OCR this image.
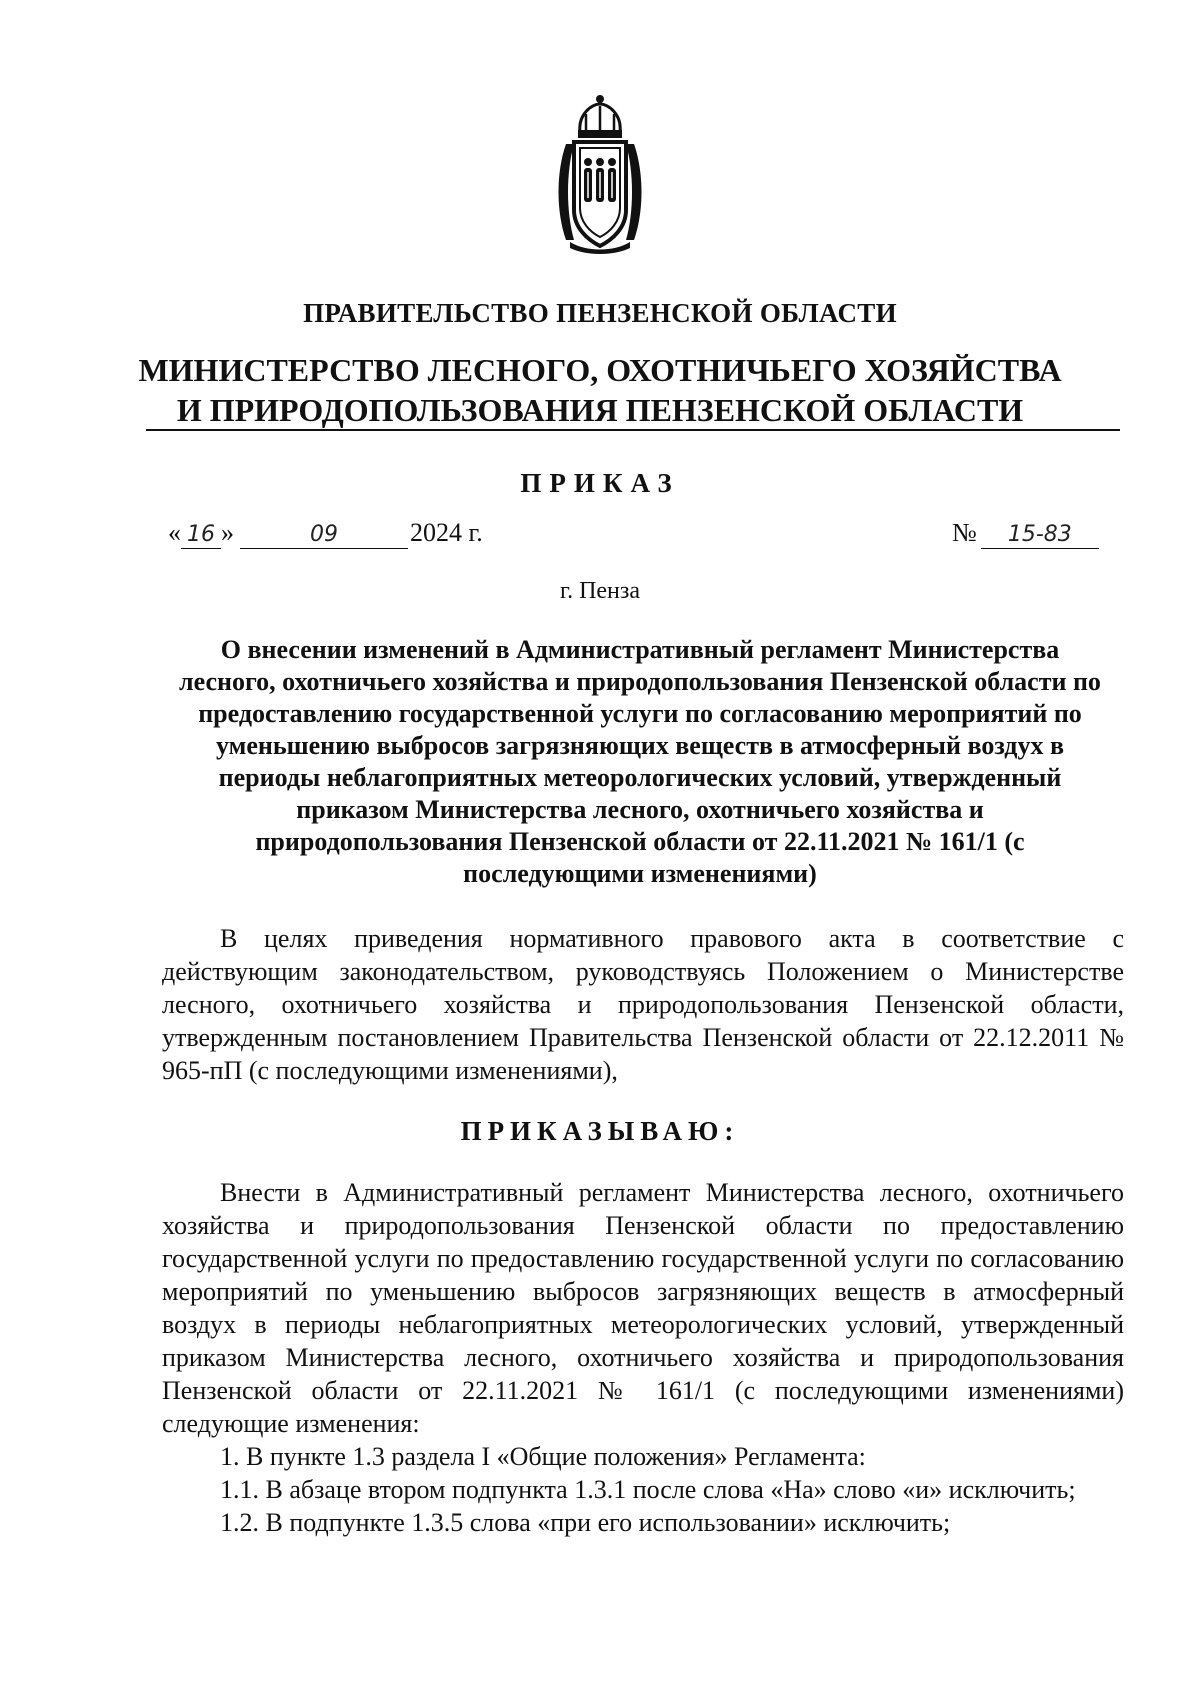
ПРАВИТЕЛЬСТВО ПЕНЗЕНСКОЙ ОБЛАСТИ
МИНИСТЕРСТВО ЛЕСНОГО, ОХОТНИЧЬЕГО ХОЗЯЙСТВА
И ПРИРОДОПОЛЬЗОВАНИЯ ПЕНЗЕНСКОЙ ОБЛАСТИ
ПРИКАЗ
« 16 »	09	2024 г.	№ 15-83
г. Пенза
О внесении изменений в Административный регламент Министерства лесного, охотничьего хозяйства и природопользования Пензенской области по предоставлению государственной услуги по согласованию мероприятий по уменьшению выбросов загрязняющих веществ в атмосферный воздух в периоды неблагоприятных метеорологических условий, утвержденный приказом Министерства лесного, охотничьего хозяйства и природопользования Пензенской области от 22.11.2021 № 161/1 (с последующими изменениями)
В целях приведения нормативного правового акта в соответствие с действующим законодательством, руководствуясь Положением о Министерстве лесного, охотничьего хозяйства и природопользования Пензенской области, утвержденным постановлением Правительства Пензенской области от 22.12.2011 № 965-пП (с последующими изменениями),
ПРИКАЗЫВАЮ:

Внести в Административный регламент Министерства лесного, охотничьего хозяйства и природопользования Пензенской области по предоставлению государственной услуги по предоставлению государственной услуги по согласованию мероприятий по уменьшению выбросов загрязняющих веществ в атмосферный воздух в периоды неблагоприятных метеорологических условий, утвержденный приказом Министерства лесного, охотничьего хозяйства и природопользования Пензенской области от 22.11.2021 № 161/1 (с последующими изменениями) следующие изменения:

1. В пункте 1.3 раздела I «Общие положения» Регламента:

1.1. В абзаце втором подпункта 1.3.1 после слова «На» слово «и» исключить;

1.2. В подпункте 1.3.5 слова «при его использовании» исключить;
